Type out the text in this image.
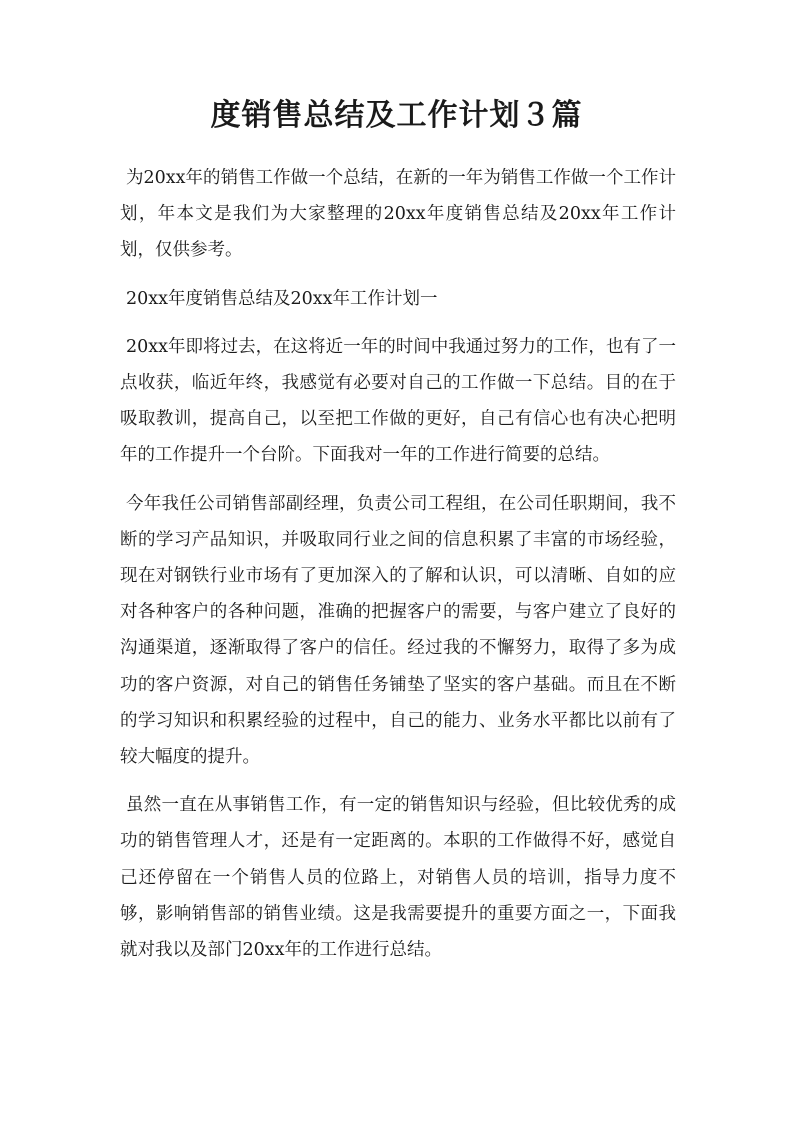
度销售总结及工作计划３篇

为20xx年的销售工作做一个总结，在新的一年为销售工作做一个工作计划，年本文是我们为大家整理的20xx年度销售总结及20xx年工作计划，仅供参考。

20xx年度销售总结及20xx年工作计划一

20xx年即将过去，在这将近一年的时间中我通过努力的工作，也有了一点收获，临近年终，我感觉有必要对自己的工作做一下总结。目的在于吸取教训，提高自己，以至把工作做的更好，自己有信心也有决心把明年的工作提升一个台阶。下面我对一年的工作进行简要的总结。

今年我任公司销售部副经理，负责公司工程组，在公司任职期间，我不断的学习产品知识，并吸取同行业之间的信息积累了丰富的市场经验，现在对钢铁行业市场有了更加深入的了解和认识，可以清晰、自如的应对各种客户的各种问题，准确的把握客户的需要，与客户建立了良好的沟通渠道，逐渐取得了客户的信任。经过我的不懈努力，取得了多为成功的客户资源，对自己的销售任务铺垫了坚实的客户基础。而且在不断的学习知识和积累经验的过程中，自己的能力、业务水平都比以前有了较大幅度的提升。

虽然一直在从事销售工作，有一定的销售知识与经验，但比较优秀的成功的销售管理人才，还是有一定距离的。本职的工作做得不好，感觉自己还停留在一个销售人员的位路上，对销售人员的培训，指导力度不够，影响销售部的销售业绩。这是我需要提升的重要方面之一，下面我就对我以及部门20xx年的工作进行总结。
